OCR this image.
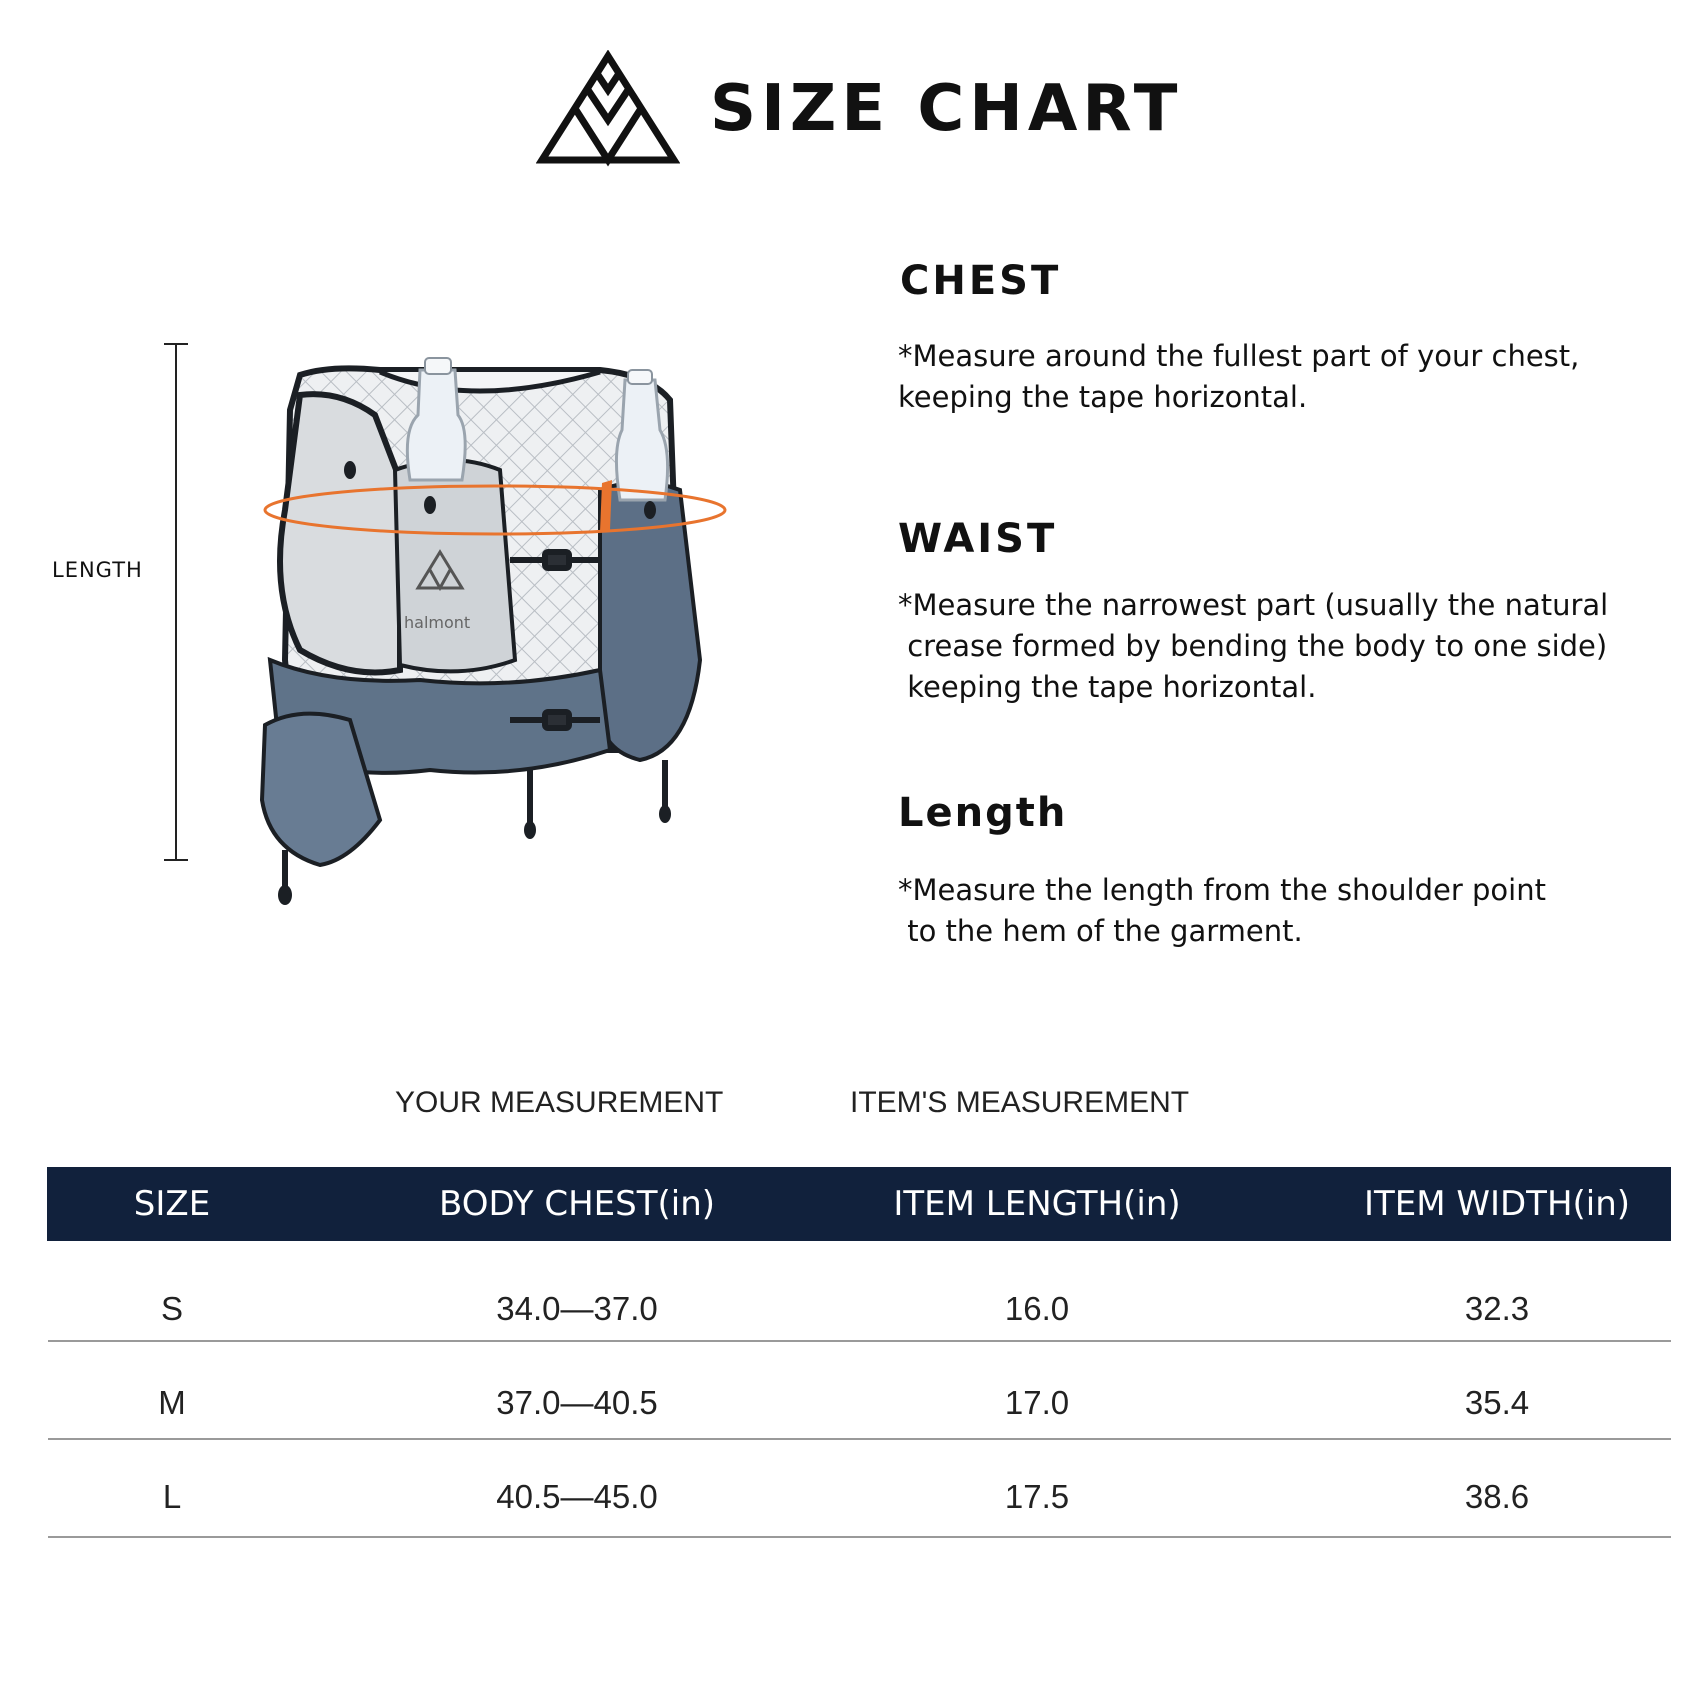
SIZE CHART
halmont
LENGTH
CHEST
*Measure around the fullest part of your chest,
keeping the tape horizontal.
WAIST
*Measure the narrowest part (usually the natural
crease formed by bending the body to one side)
keeping the tape horizontal.
Length
*Measure the length from the shoulder point
to the hem of the garment.
YOUR MEASUREMENT	ITEM'S MEASUREMENT
SIZE	BODY CHEST(in)	ITEM LENGTH(in)	ITEM WIDTH(in)
S	34.0—37.0	16.0	32.3
M	37.0—40.5	17.0	35.4
L	40.5—45.0	17.5	38.6
